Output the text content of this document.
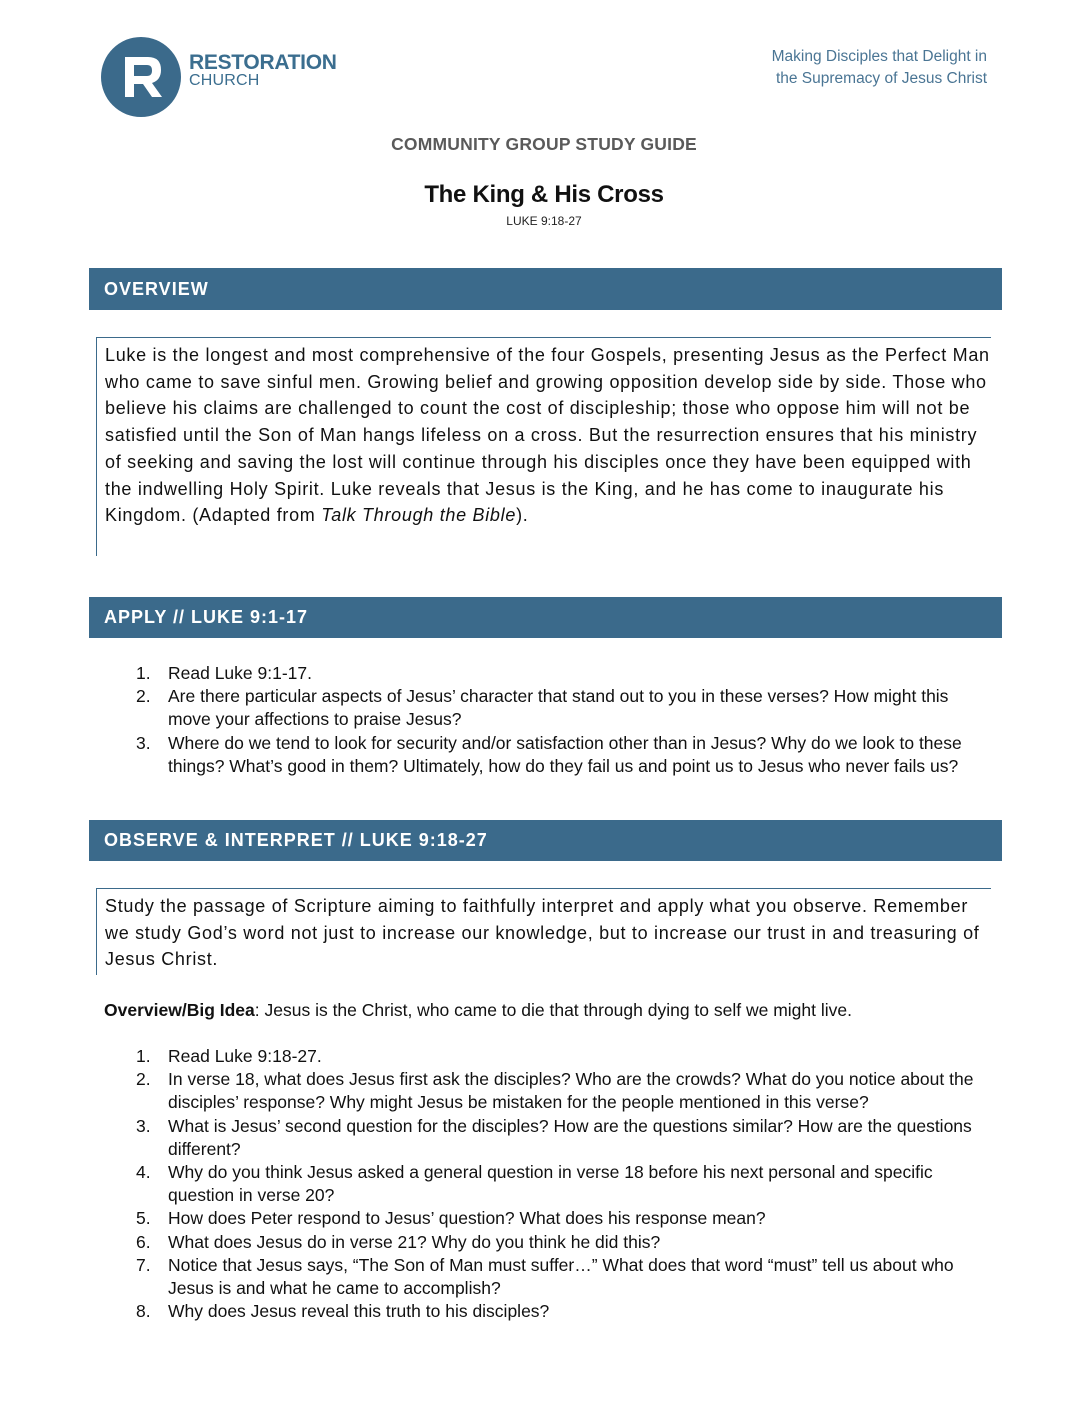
RESTORATION
CHURCH
Making Disciples that Delight in
the Supremacy of Jesus Christ
COMMUNITY GROUP STUDY GUIDE
The King & His Cross
LUKE 9:18-27
OVERVIEW
Luke is the longest and most comprehensive of the four Gospels, presenting Jesus as the Perfect Man who came to save sinful men. Growing belief and growing opposition develop side by side. Those who believe his claims are challenged to count the cost of discipleship; those who oppose him will not be satisfied until the Son of Man hangs lifeless on a cross. But the resurrection ensures that his ministry of seeking and saving the lost will continue through his disciples once they have been equipped with the indwelling Holy Spirit. Luke reveals that Jesus is the King, and he has come to inaugurate his Kingdom. (Adapted from Talk Through the Bible).
APPLY // LUKE 9:1-17
1. Read Luke 9:1-17.
2. Are there particular aspects of Jesus’ character that stand out to you in these verses? How might this move your affections to praise Jesus?
3. Where do we tend to look for security and/or satisfaction other than in Jesus? Why do we look to these things? What’s good in them? Ultimately, how do they fail us and point us to Jesus who never fails us?
OBSERVE & INTERPRET // LUKE 9:18-27
Study the passage of Scripture aiming to faithfully interpret and apply what you observe. Remember we study God’s word not just to increase our knowledge, but to increase our trust in and treasuring of Jesus Christ.
Overview/Big Idea: Jesus is the Christ, who came to die that through dying to self we might live.
1. Read Luke 9:18-27.
2. In verse 18, what does Jesus first ask the disciples? Who are the crowds? What do you notice about the disciples’ response? Why might Jesus be mistaken for the people mentioned in this verse?
3. What is Jesus’ second question for the disciples? How are the questions similar? How are the questions different?
4. Why do you think Jesus asked a general question in verse 18 before his next personal and specific question in verse 20?
5. How does Peter respond to Jesus’ question? What does his response mean?
6. What does Jesus do in verse 21? Why do you think he did this?
7. Notice that Jesus says, “The Son of Man must suffer…” What does that word “must” tell us about who Jesus is and what he came to accomplish?
8. Why does Jesus reveal this truth to his disciples?
